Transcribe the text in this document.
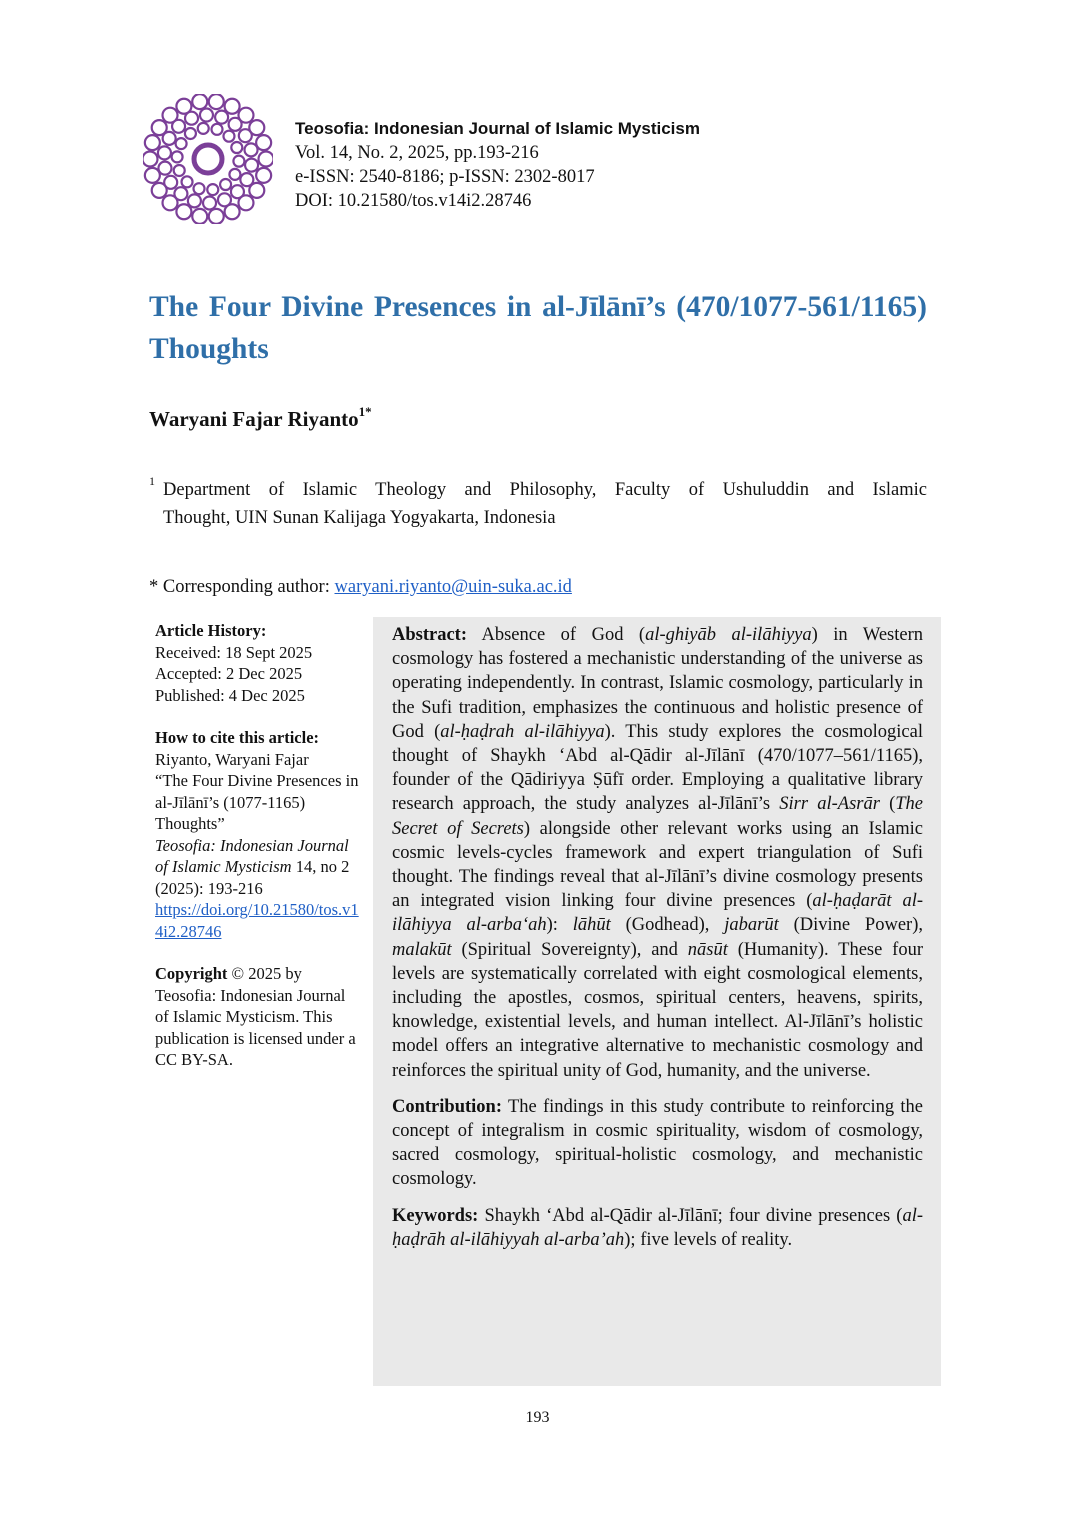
Teosofia: Indonesian Journal of Islamic Mysticism
Vol. 14, No. 2, 2025, pp.193-216
e-ISSN: 2540-8186; p-ISSN: 2302-8017
DOI: 10.21580/tos.v14i2.28746
The Four Divine Presences in al-Jīlānī’s (470/1077-561/1165) Thoughts
Waryani Fajar Riyanto$^{1*}$
$^1$ Department of Islamic Theology and Philosophy, Faculty of Ushuluddin and Islamic
Thought, UIN Sunan Kalijaga Yogyakarta, Indonesia
* Corresponding author: waryani.riyanto@uin-suka.ac.id

Article History:

Received: 18 Sept 2025

Accepted: 2 Dec 2025

Published: 4 Dec 2025

How to cite this article:

Riyanto, Waryani Fajar

“The Four Divine Presences in al-Jīlānī’s (1077-1165) Thoughts”

Teosofia: Indonesian Journal of Islamic Mysticism 14, no 2 (2025): 193-216

https://doi.org/10.21580/tos.v14i2.28746

Copyright © 2025 by Teosofia: Indonesian Journal of Islamic Mysticism. This publication is licensed under a CC BY-SA.

Abstract: Absence of God (al-ghiyāb al-ilāhiyya) in Western cosmology has fostered a mechanistic understanding of the universe as operating independently. In contrast, Islamic cosmology, particularly in the Sufi tradition, emphasizes the continuous and holistic presence of God (al-ḥaḍrah al-ilāhiyya). This study explores the cosmological thought of Shaykh ‘Abd al-Qādir al-Jīlānī (470/1077–561/1165), founder of the Qādiriyya Ṣūfī order. Employing a qualitative library research approach, the study analyzes al-Jīlānī’s Sirr al-Asrār (The Secret of Secrets) alongside other relevant works using an Islamic cosmic levels-cycles framework and expert triangulation of Sufi thought. The findings reveal that al-Jīlānī’s divine cosmology presents an integrated vision linking four divine presences (al-ḥaḍarāt al-ilāhiyya al-arba‘ah): lāhūt (Godhead), jabarūt (Divine Power), malakūt (Spiritual Sovereignty), and nāsūt (Humanity). These four levels are systematically correlated with eight cosmological elements, including the apostles, cosmos, spiritual centers, heavens, spirits, knowledge, existential levels, and human intellect. Al-Jīlānī’s holistic model offers an integrative alternative to mechanistic cosmology and reinforces the spiritual unity of God, humanity, and the universe.

Contribution: The findings in this study contribute to reinforcing the concept of integralism in cosmic spirituality, wisdom of cosmology, sacred cosmology, spiritual-holistic cosmology, and mechanistic cosmology.

Keywords: Shaykh ‘Abd al-Qādir al-Jīlānī; four divine presences (al-ḥaḍrāh al-ilāhiyyah al-arba’ah); five levels of reality.

193
